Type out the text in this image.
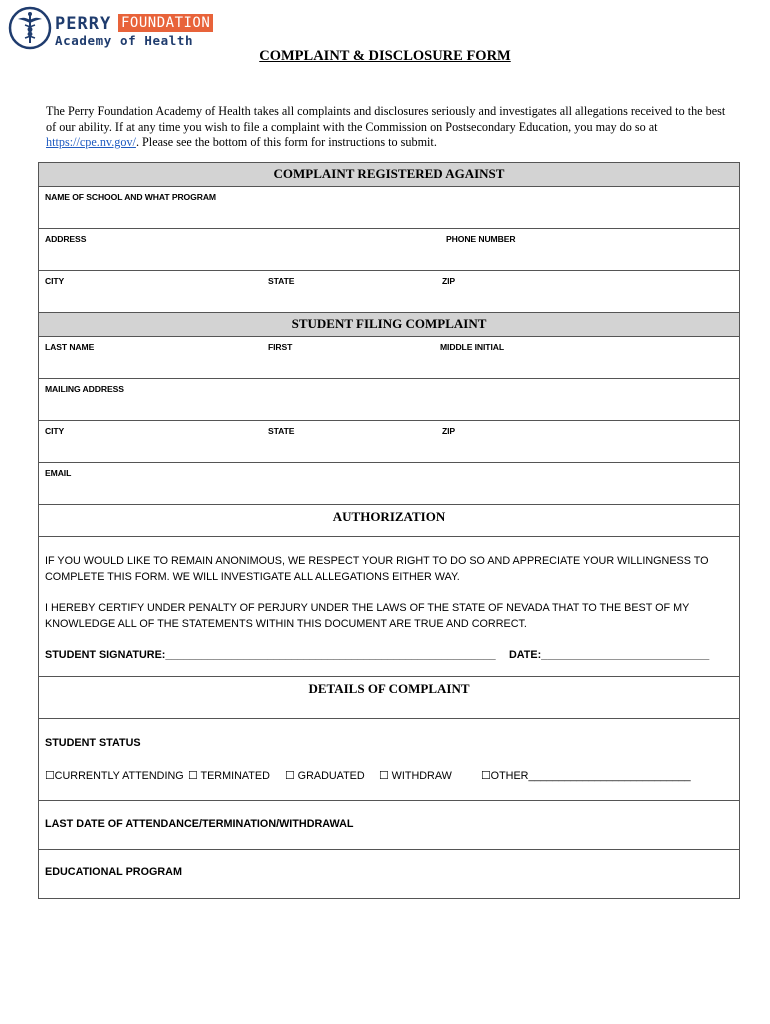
PERRY FOUNDATION
Academy of Health
COMPLAINT & DISCLOSURE FORM
The Perry Foundation Academy of Health takes all complaints and disclosures seriously and investigates all allegations received to the best of our ability. If at any time you wish to file a complaint with the Commission on Postsecondary Education, you may do so at https://cpe.nv.gov/. Please see the bottom of this form for instructions to submit.
COMPLAINT REGISTERED AGAINST
NAME OF SCHOOL AND WHAT PROGRAM
ADDRESS	PHONE NUMBER
CITY	STATE	ZIP
STUDENT FILING COMPLAINT
LAST NAME	FIRST	MIDDLE INITIAL
MAILING ADDRESS
CITY	STATE	ZIP
EMAIL
AUTHORIZATION
IF YOU WOULD LIKE TO REMAIN ANONIMOUS, WE RESPECT YOUR RIGHT TO DO SO AND APPRECIATE YOUR WILLINGNESS TO COMPLETE THIS FORM. WE WILL INVESTIGATE ALL ALLEGATIONS EITHER WAY.
I HEREBY CERTIFY UNDER PENALTY OF PERJURY UNDER THE LAWS OF THE STATE OF NEVADA THAT TO THE BEST OF MY KNOWLEDGE ALL OF THE STATEMENTS WITHIN THIS DOCUMENT ARE TRUE AND CORRECT.
STUDENT SIGNATURE:_______________________________________________________ DATE:____________________________
DETAILS OF COMPLAINT
STUDENT STATUS
☐CURRENTLY ATTENDING ☐ TERMINATED ☐ GRADUATED ☐ WITHDRAW	☐OTHER___________________________
LAST DATE OF ATTENDANCE/TERMINATION/WITHDRAWAL
EDUCATIONAL PROGRAM
